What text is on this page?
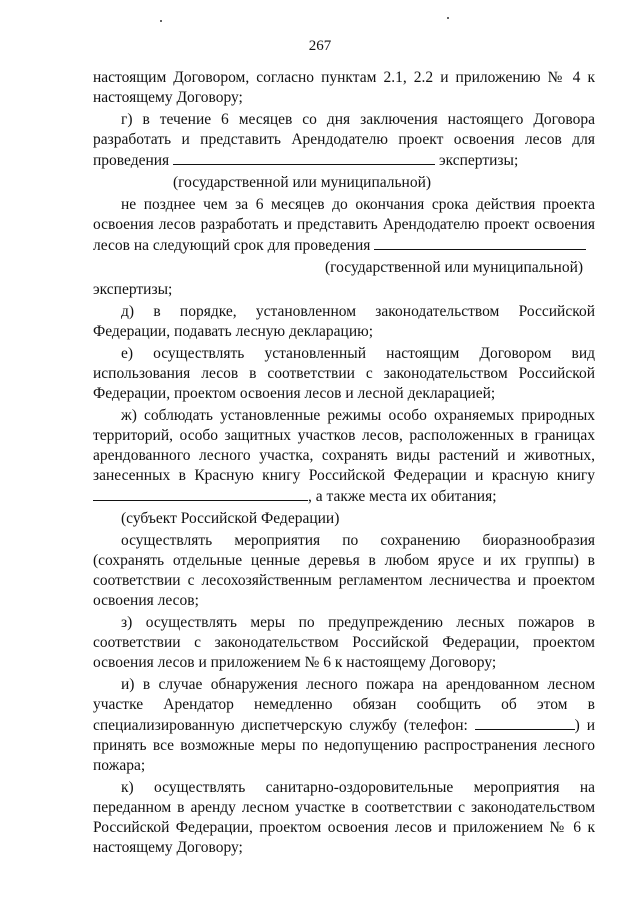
267

настоящим Договором, согласно пунктам 2.1, 2.2 и приложению № 4 к настоящему Договору;

г) в течение 6 месяцев со дня заключения настоящего Договора разработать и представить Арендодателю проект освоения лесов для проведения	экспертизы;

(государственной или муниципальной)

не позднее чем за 6 месяцев до окончания срока действия проекта освоения лесов разработать и представить Арендодателю проект освоения лесов на следующий срок для проведения

(государственной или муниципальной)

экспертизы;

д) в порядке, установленном законодательством Российской Федерации, подавать лесную декларацию;

е) осуществлять установленный настоящим Договором вид использования лесов в соответствии с законодательством Российской Федерации, проектом освоения лесов и лесной декларацией;

ж) соблюдать установленные режимы особо охраняемых природных территорий, особо защитных участков лесов, расположенных в границах арендованного лесного участка, сохранять виды растений и животных, занесенных в Красную книгу Российской Федерации и красную книгу , а также места их обитания;

(субъект Российской Федерации)

осуществлять мероприятия по сохранению биоразнообразия (сохранять отдельные ценные деревья в любом ярусе и их группы) в соответствии с лесохозяйственным регламентом лесничества и проектом освоения лесов;

з) осуществлять меры по предупреждению лесных пожаров в соответствии с законодательством Российской Федерации, проектом освоения лесов и приложением № 6 к настоящему Договору;

и) в случае обнаружения лесного пожара на арендованном лесном участке Арендатор немедленно обязан сообщить об этом в специализированную диспетчерскую службу (телефон:	) и принять все возможные меры по недопущению распространения лесного пожара;

к) осуществлять санитарно-оздоровительные мероприятия на переданном в аренду лесном участке в соответствии с законодательством Российской Федерации, проектом освоения лесов и приложением № 6 к настоящему Договору;
